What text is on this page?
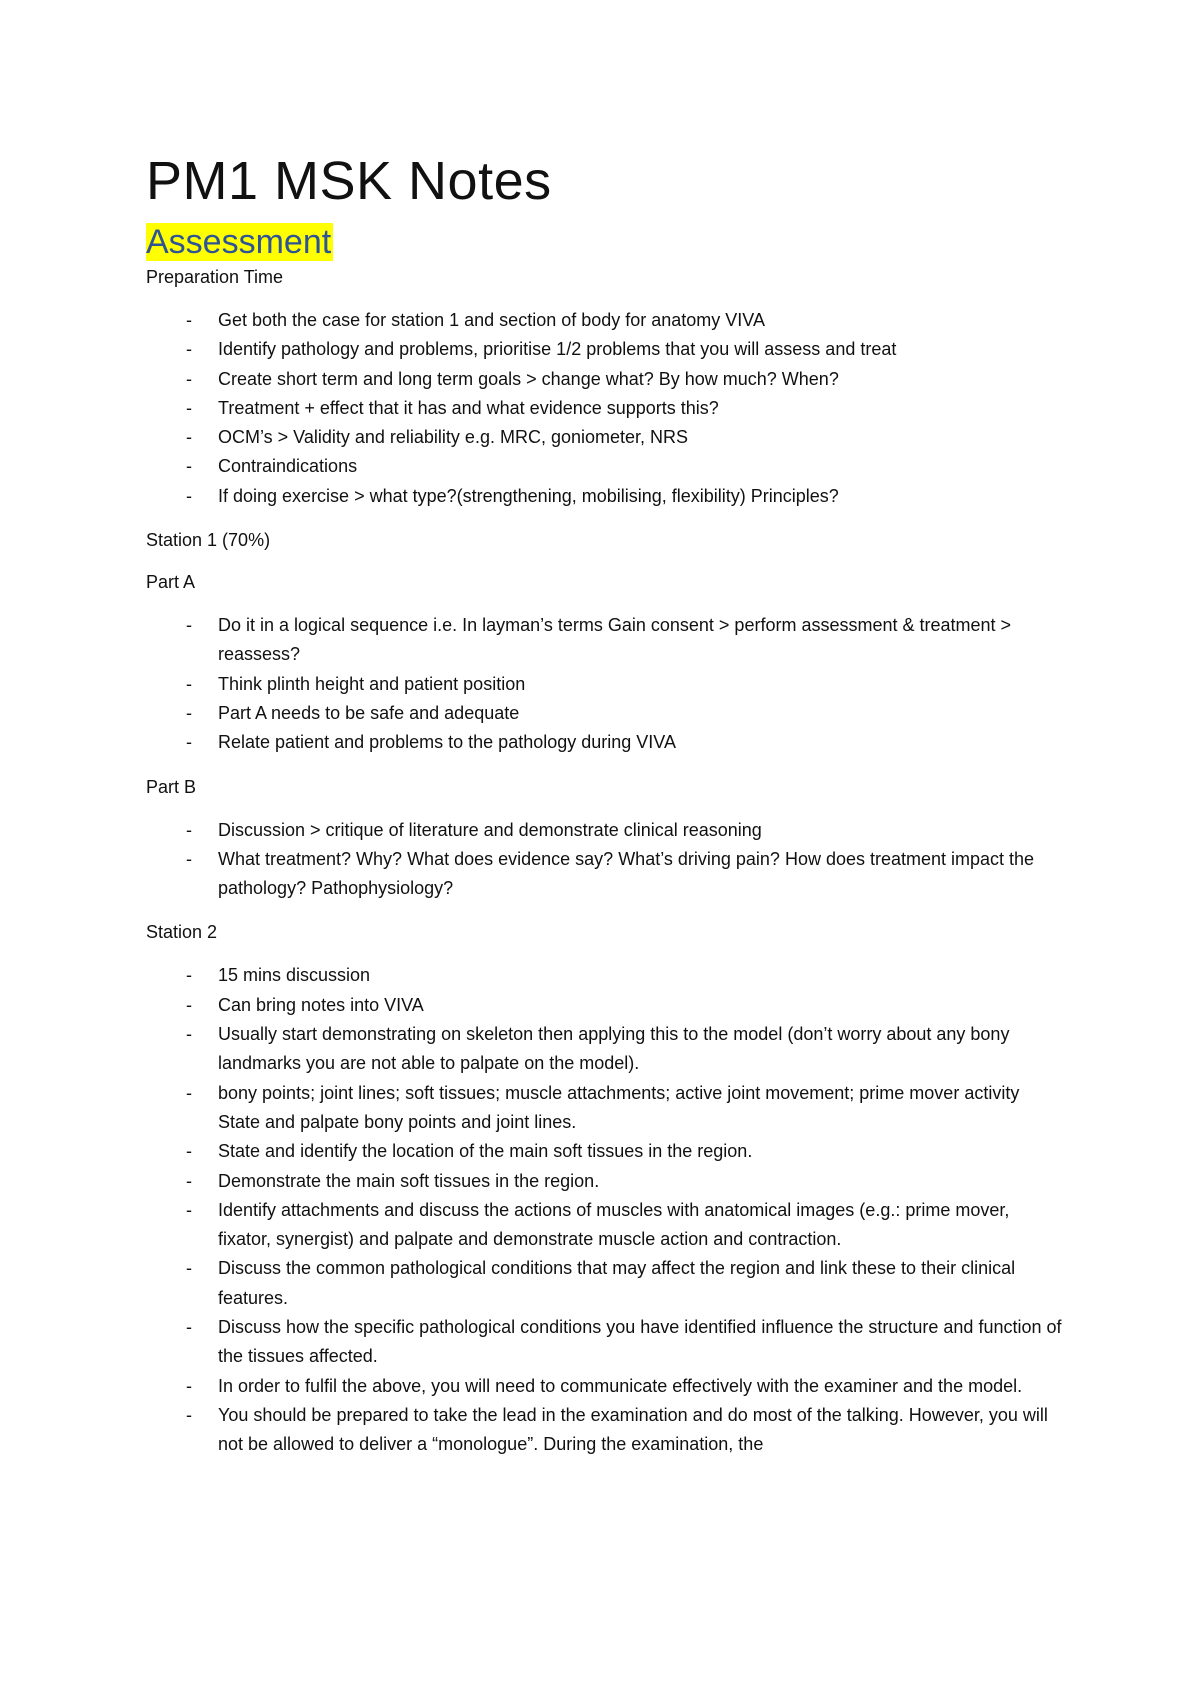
PM1 MSK Notes
Assessment

Preparation Time

- Get both the case for station 1 and section of body for anatomy VIVA
- Identify pathology and problems, prioritise 1/2 problems that you will assess and treat
- Create short term and long term goals > change what? By how much? When?
- Treatment + effect that it has and what evidence supports this?
- OCM’s > Validity and reliability e.g. MRC, goniometer, NRS
- Contraindications
- If doing exercise > what type?(strengthening, mobilising, flexibility) Principles?

Station 1 (70%)

Part A

- Do it in a logical sequence i.e. In layman’s terms Gain consent > perform assessment & treatment > reassess?
- Think plinth height and patient position
- Part A needs to be safe and adequate
- Relate patient and problems to the pathology during VIVA

Part B

- Discussion > critique of literature and demonstrate clinical reasoning
- What treatment? Why? What does evidence say? What’s driving pain? How does treatment impact the pathology? Pathophysiology?

Station 2

- 15 mins discussion
- Can bring notes into VIVA
- Usually start demonstrating on skeleton then applying this to the model (don’t worry about any bony landmarks you are not able to palpate on the model).
- bony points; joint lines; soft tissues; muscle attachments; active joint movement; prime mover activity State and palpate bony points and joint lines.
- State and identify the location of the main soft tissues in the region.
- Demonstrate the main soft tissues in the region.
- Identify attachments and discuss the actions of muscles with anatomical images (e.g.: prime mover, fixator, synergist) and palpate and demonstrate muscle action and contraction.
- Discuss the common pathological conditions that may affect the region and link these to their clinical features.
- Discuss how the specific pathological conditions you have identified influence the structure and function of the tissues affected.
- In order to fulfil the above, you will need to communicate effectively with the examiner and the model.
- You should be prepared to take the lead in the examination and do most of the talking. However, you will not be allowed to deliver a “monologue”. During the examination, the
